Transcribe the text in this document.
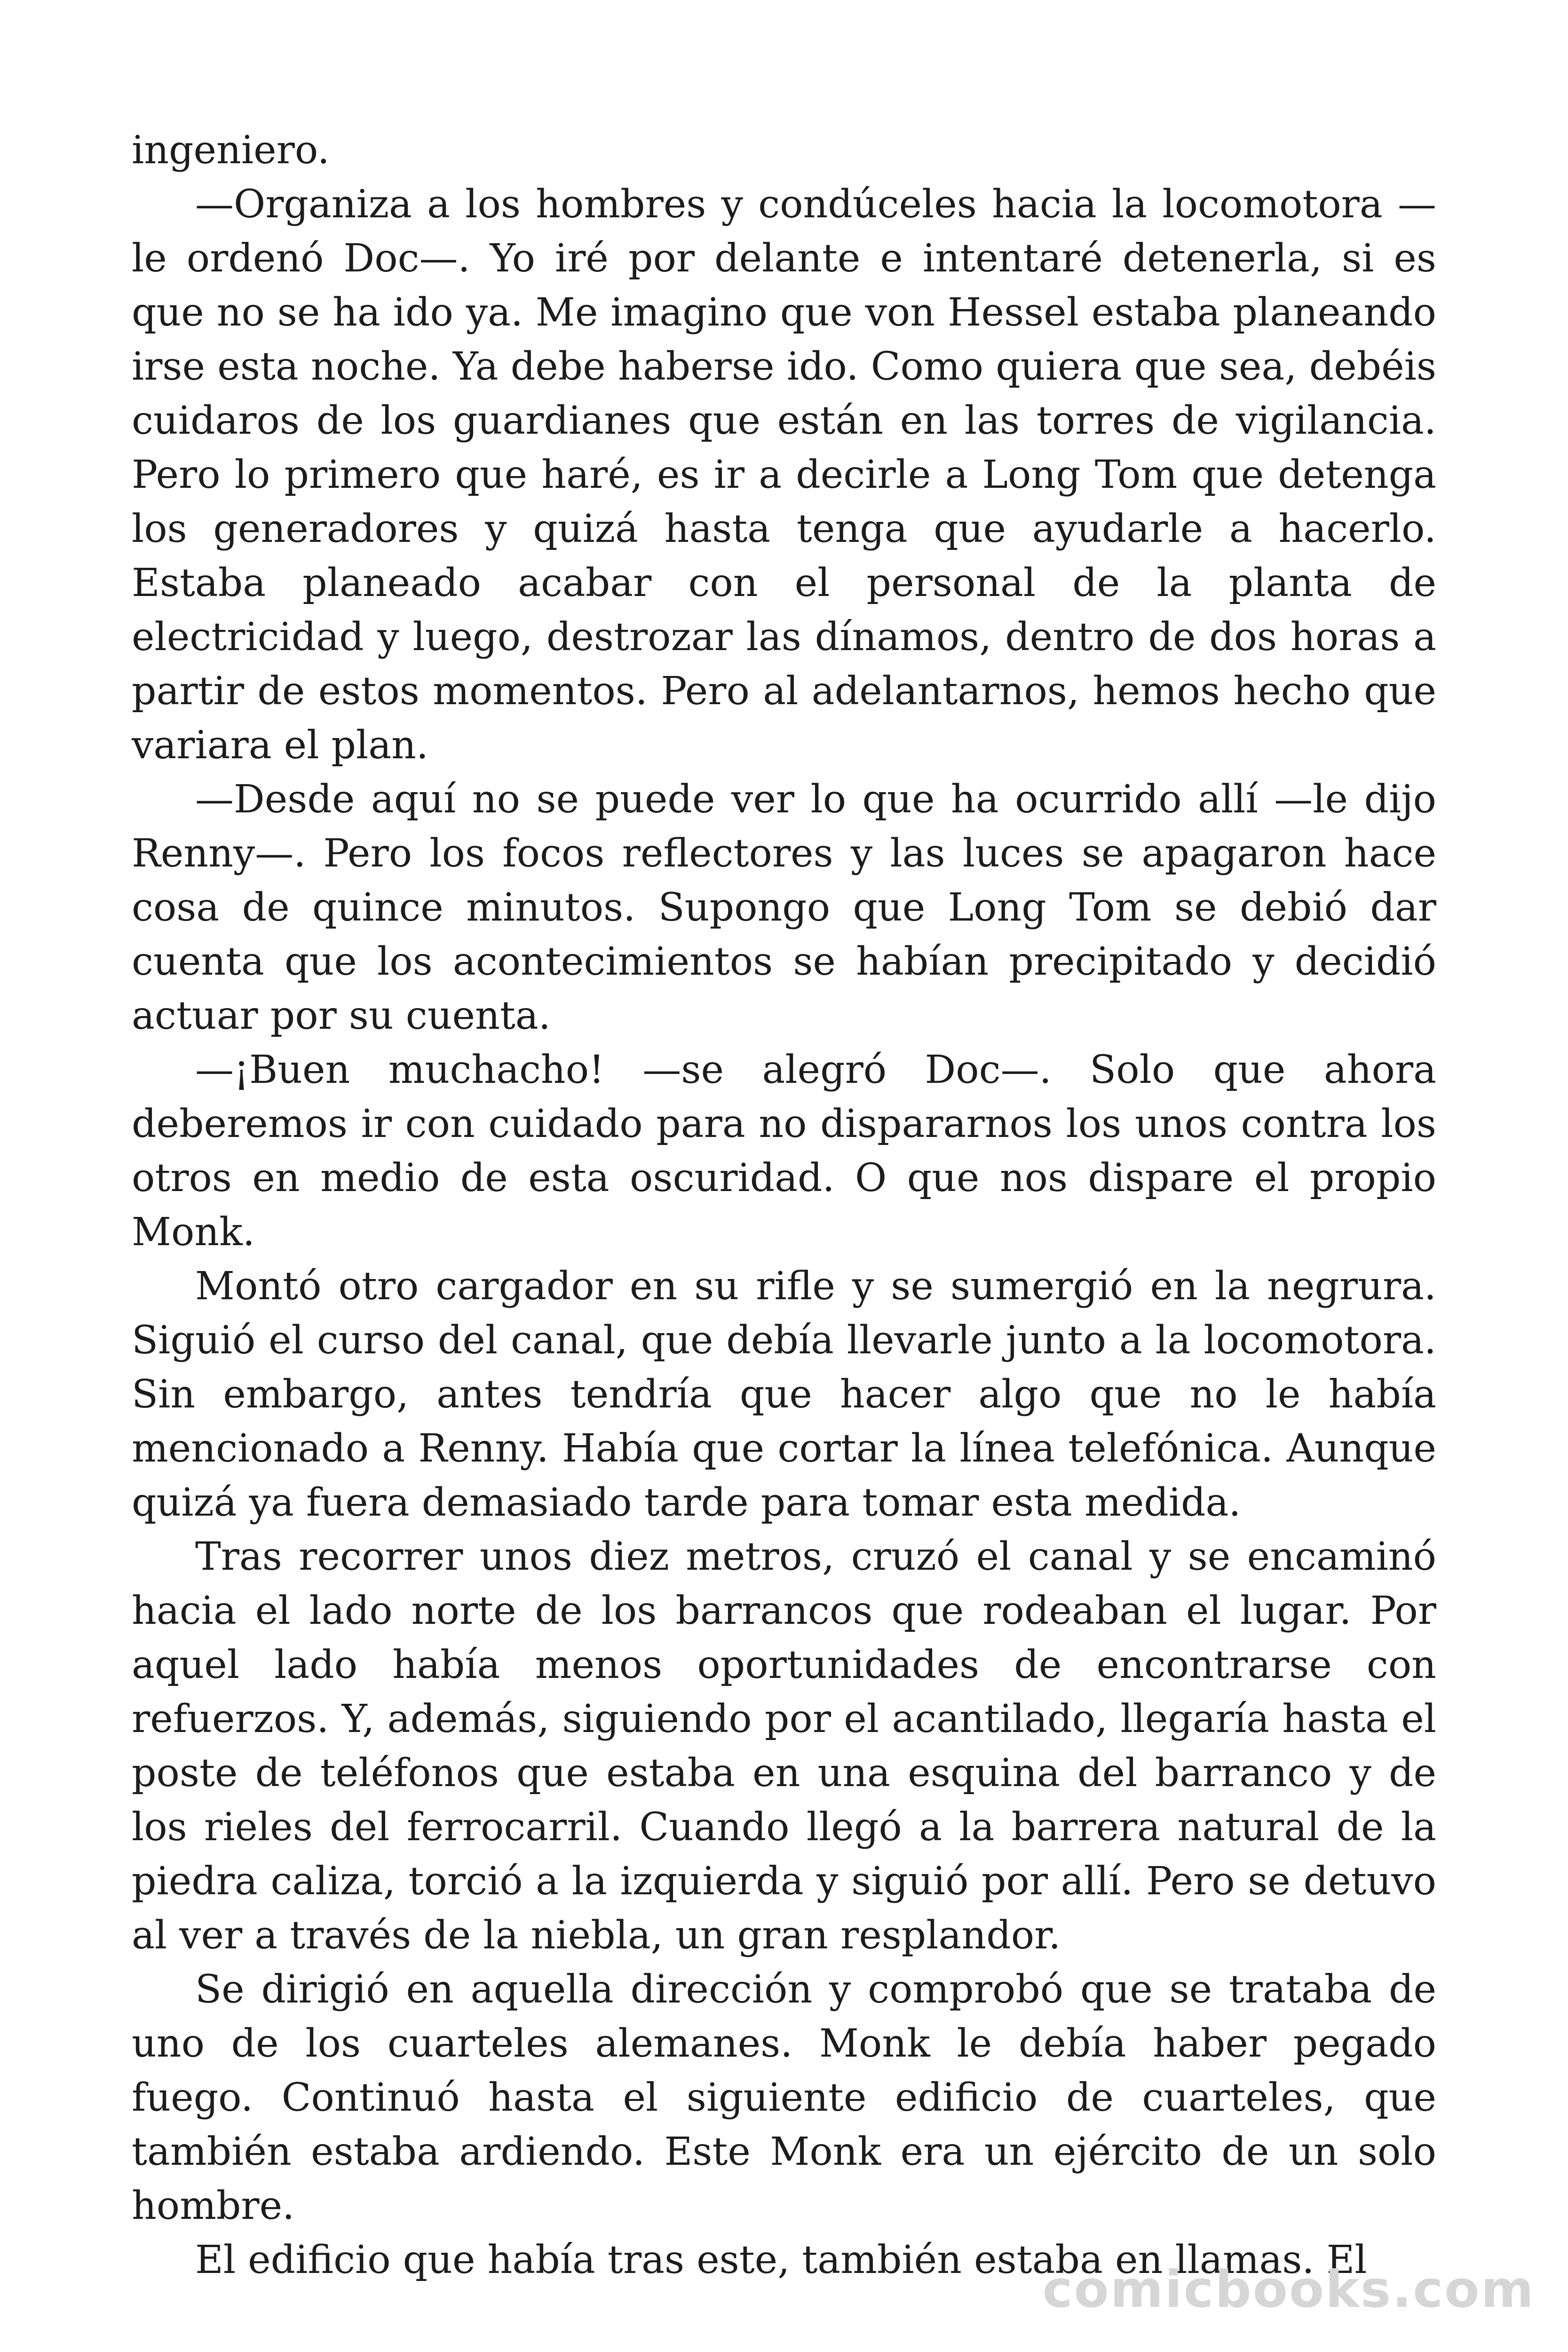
ingeniero.

—Organiza a los hombres y condúceles hacia la locomotora —le ordenó Doc—. Yo iré por delante e intentaré detenerla, si es que no se ha ido ya. Me imagino que von Hessel estaba planeando irse esta noche. Ya debe haberse ido. Como quiera que sea, debéis cuidaros de los guardianes que están en las torres de vigilancia. Pero lo primero que haré, es ir a decirle a Long Tom que detenga los generadores y quizá hasta tenga que ayudarle a hacerlo. Estaba planeado acabar con el personal de la planta de electricidad y luego, destrozar las dínamos, dentro de dos horas a partir de estos momentos. Pero al adelantarnos, hemos hecho que variara el plan.

—Desde aquí no se puede ver lo que ha ocurrido allí —le dijo Renny—. Pero los focos reflectores y las luces se apagaron hace cosa de quince minutos. Supongo que Long Tom se debió dar cuenta que los acontecimientos se habían precipitado y decidió actuar por su cuenta.

—¡Buen muchacho! —se alegró Doc—. Solo que ahora deberemos ir con cuidado para no dispararnos los unos contra los otros en medio de esta oscuridad. O que nos dispare el propio Monk.

Montó otro cargador en su rifle y se sumergió en la negrura. Siguió el curso del canal, que debía llevarle junto a la locomotora. Sin embargo, antes tendría que hacer algo que no le había mencionado a Renny. Había que cortar la línea telefónica. Aunque quizá ya fuera demasiado tarde para tomar esta medida.

Tras recorrer unos diez metros, cruzó el canal y se encaminó hacia el lado norte de los barrancos que rodeaban el lugar. Por aquel lado había menos oportunidades de encontrarse con refuerzos. Y, además, siguiendo por el acantilado, llegaría hasta el poste de teléfonos que estaba en una esquina del barranco y de los rieles del ferrocarril. Cuando llegó a la barrera natural de la piedra caliza, torció a la izquierda y siguió por allí. Pero se detuvo al ver a través de la niebla, un gran resplandor.

Se dirigió en aquella dirección y comprobó que se trataba de uno de los cuarteles alemanes. Monk le debía haber pegado fuego. Continuó hasta el siguiente edificio de cuarteles, que también estaba ardiendo. Este Monk era un ejército de un solo hombre.

El edificio que había tras este, también estaba en llamas. El

comicbooks.com
